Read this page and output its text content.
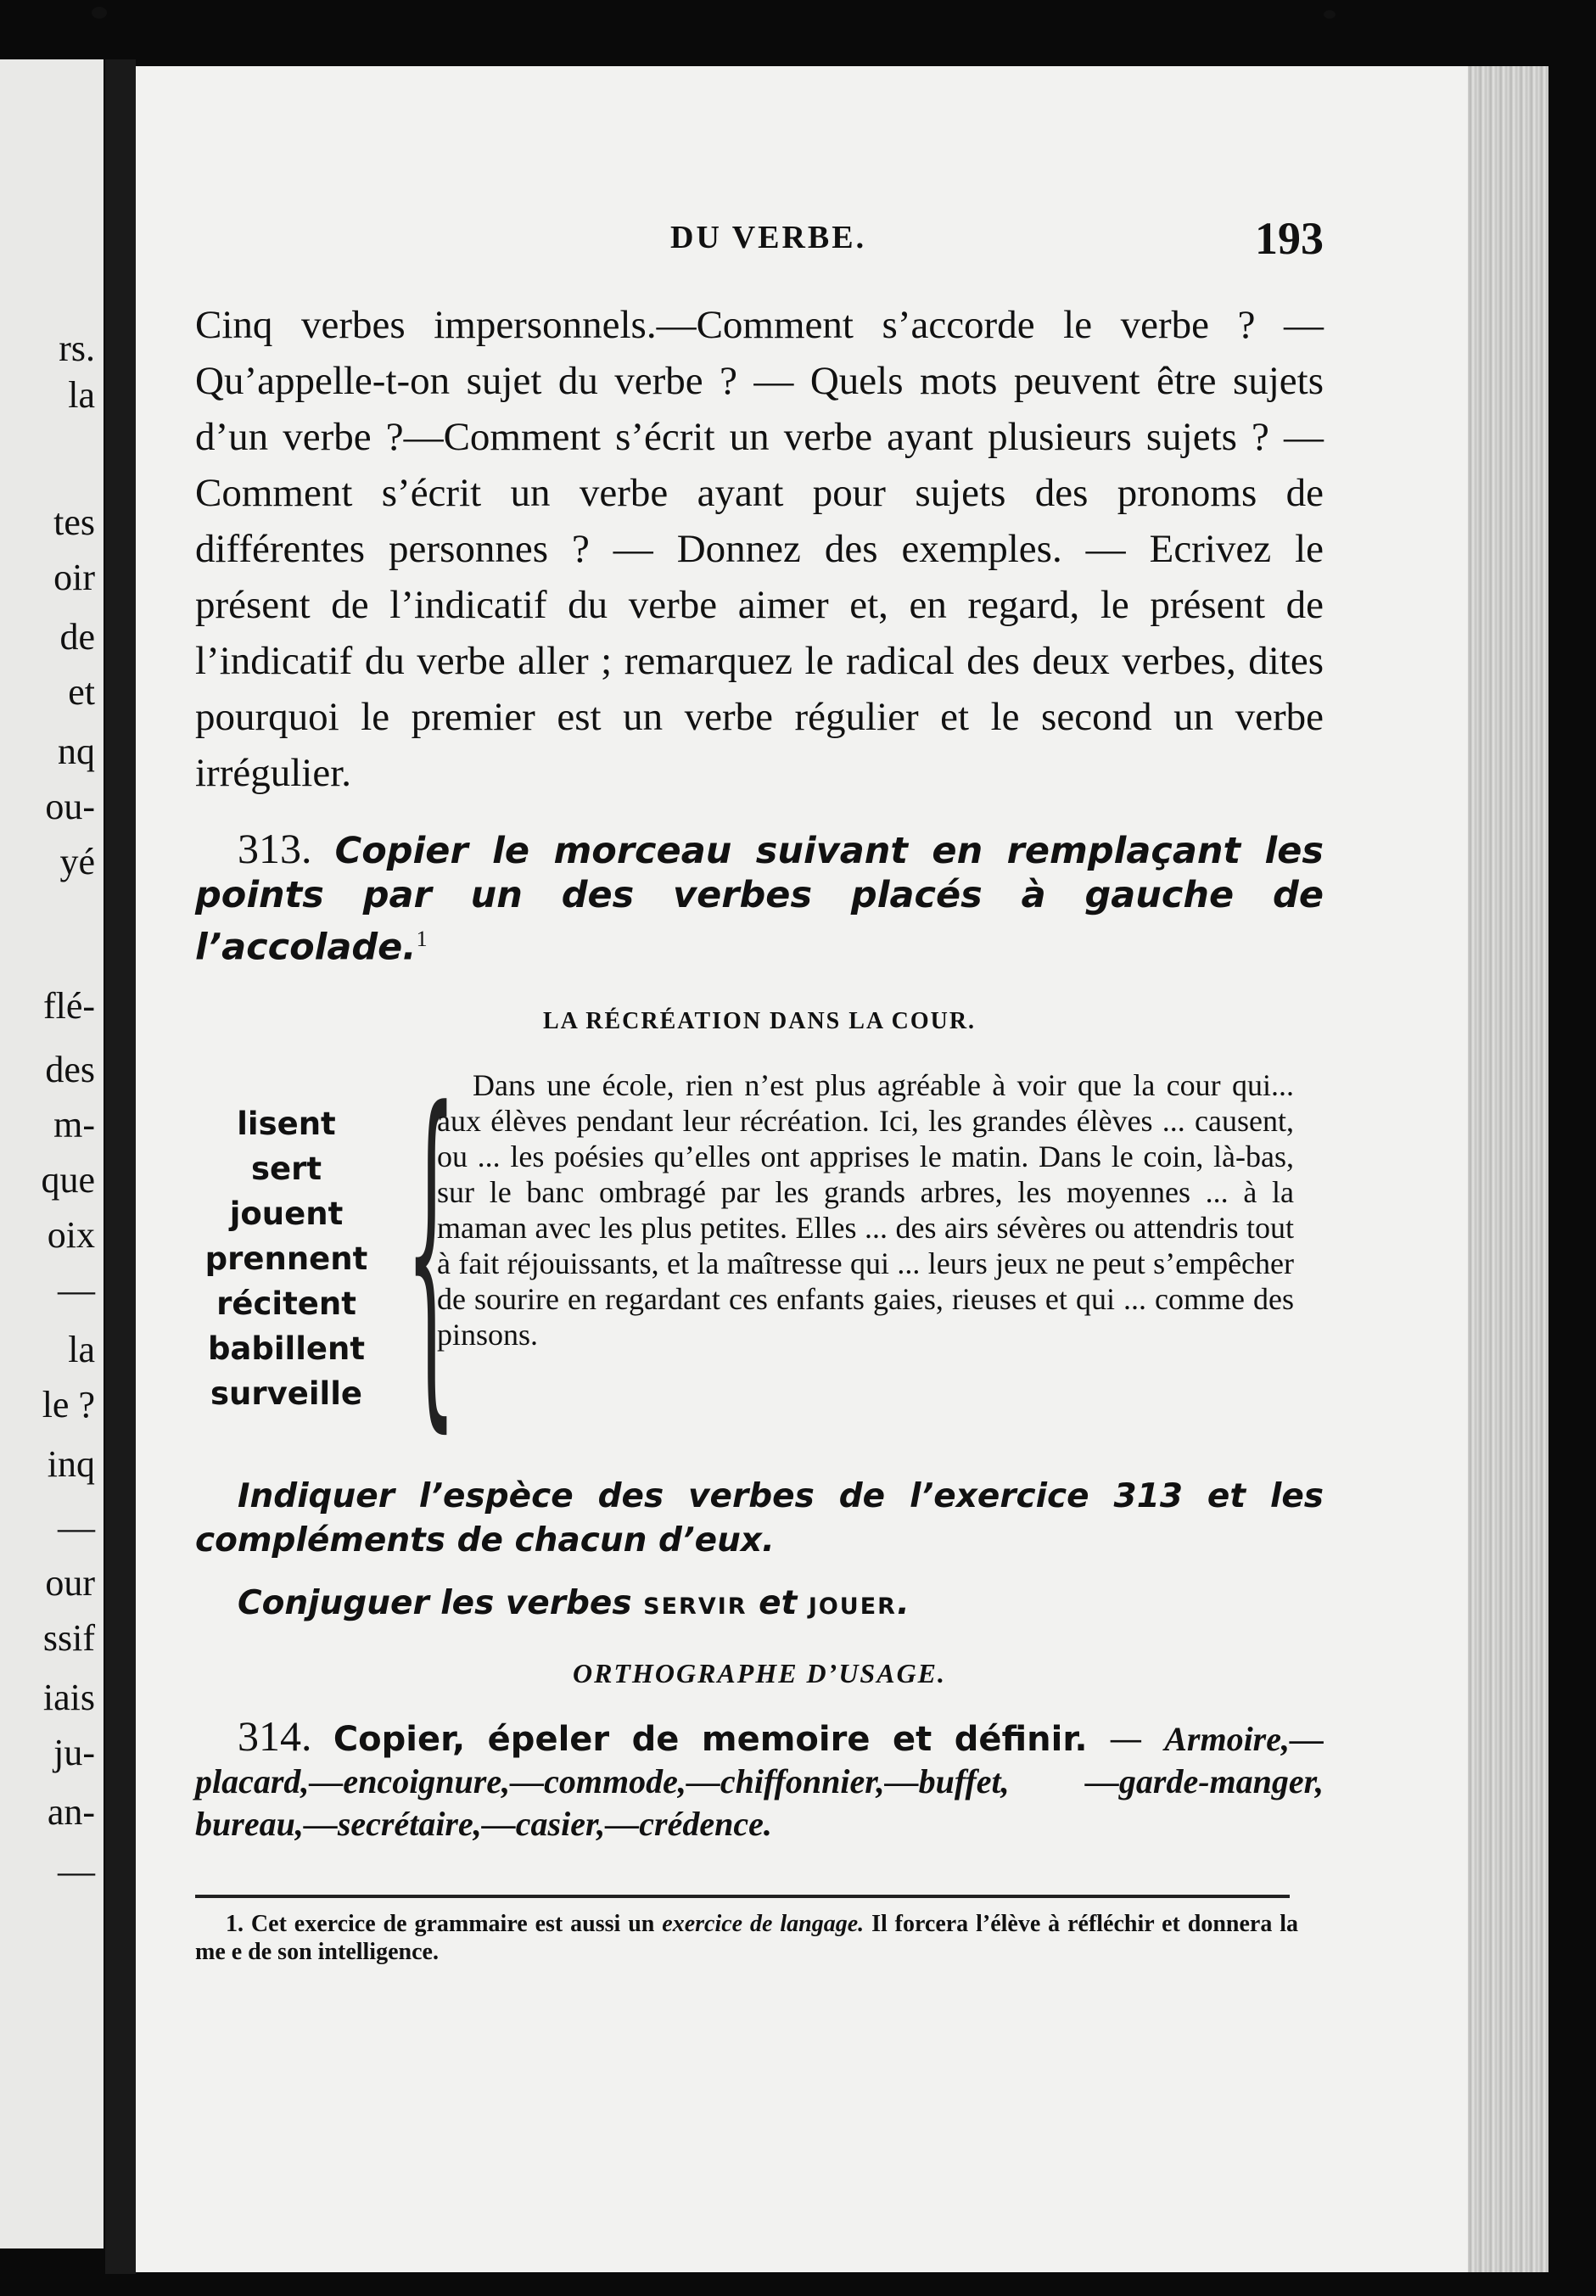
rs.
la
tes
oir
de
et
nq
ou-
yé
flé-
des
m-
que
oix
—
la
le ?
inq
—
our
ssif
iais
ju-
an-
—
DU VERBE.	193
Cinq verbes impersonnels.—Comment s’accorde le verbe ? —Qu’appelle-t-on sujet du verbe ? — Quels mots peuvent être sujets d’un verbe ?—Comment s’écrit un verbe ayant plusieurs sujets ? — Comment s’écrit un verbe ayant pour sujets des pronoms de différentes personnes ? — Donnez des exemples. — Ecrivez le présent de l’indicatif du verbe aimer et, en regard, le présent de l’indicatif du verbe aller ; remarquez le radical des deux verbes, dites pourquoi le premier est un verbe régulier et le second un verbe irrégulier.
313. Copier le morceau suivant en remplaçant les points par un des verbes placés à gauche de l’accolade.$^1$
LA RÉCRÉATION DANS LA COUR.
lisent
sert
jouent
prennent
récitent
babillent
surveille { Dans une école, rien n’est plus agréable à voir que la cour qui... aux élèves pendant leur récréation. Ici, les grandes élèves ... causent, ou ... les poésies qu’elles ont apprises le matin. Dans le coin, là-bas, sur le banc ombragé par les grands arbres, les moyennes ... à la maman avec les plus petites. Elles ... des airs sévères ou attendris tout à fait réjouissants, et la maîtresse qui ... leurs jeux ne peut s’empêcher de sourire en regardant ces enfants gaies, rieuses et qui ... comme des pinsons.
Indiquer l’espèce des verbes de l’exercice 313 et les compléments de chacun d’eux.
Conjuguer les verbes servir et jouer.
ORTHOGRAPHE D’USAGE.
314. Copier, épeler de memoire et définir. — Armoire,—placard,—encoignure,—commode,—chiffonnier,—buffet, —garde-manger, bureau,—secrétaire,—casier,—crédence.
1. Cet exercice de grammaire est aussi un exercice de langage. Il forcera l’élève à réfléchir et donnera la me e de son intelligence.
